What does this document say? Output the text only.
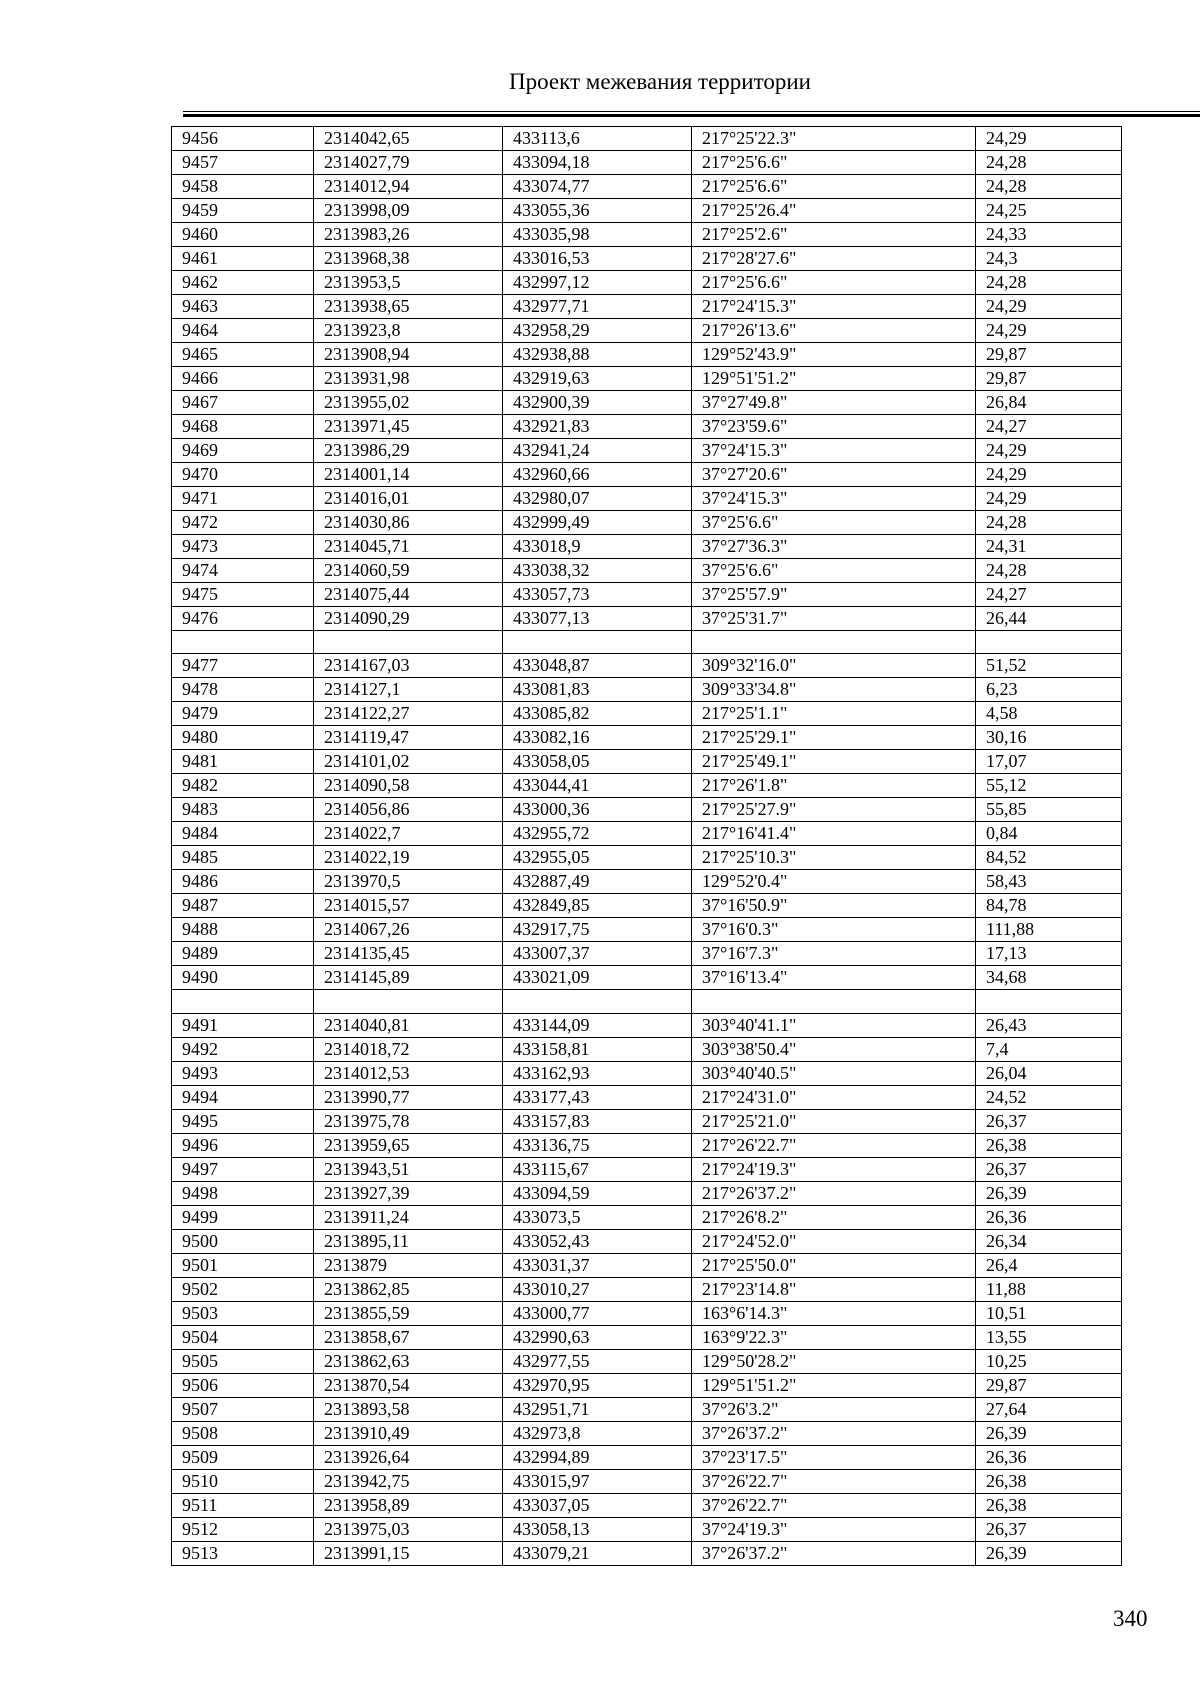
Проект межевания территории
9456	2314042,65	433113,6	217°25'22.3"	24,29
9457	2314027,79	433094,18	217°25'6.6"	24,28
9458	2314012,94	433074,77	217°25'6.6"	24,28
9459	2313998,09	433055,36	217°25'26.4"	24,25
9460	2313983,26	433035,98	217°25'2.6"	24,33
9461	2313968,38	433016,53	217°28'27.6"	24,3
9462	2313953,5	432997,12	217°25'6.6"	24,28
9463	2313938,65	432977,71	217°24'15.3"	24,29
9464	2313923,8	432958,29	217°26'13.6"	24,29
9465	2313908,94	432938,88	129°52'43.9"	29,87
9466	2313931,98	432919,63	129°51'51.2"	29,87
9467	2313955,02	432900,39	37°27'49.8"	26,84
9468	2313971,45	432921,83	37°23'59.6"	24,27
9469	2313986,29	432941,24	37°24'15.3"	24,29
9470	2314001,14	432960,66	37°27'20.6"	24,29
9471	2314016,01	432980,07	37°24'15.3"	24,29
9472	2314030,86	432999,49	37°25'6.6"	24,28
9473	2314045,71	433018,9	37°27'36.3"	24,31
9474	2314060,59	433038,32	37°25'6.6"	24,28
9475	2314075,44	433057,73	37°25'57.9"	24,27
9476	2314090,29	433077,13	37°25'31.7"	26,44

9477	2314167,03	433048,87	309°32'16.0"	51,52
9478	2314127,1	433081,83	309°33'34.8"	6,23
9479	2314122,27	433085,82	217°25'1.1"	4,58
9480	2314119,47	433082,16	217°25'29.1"	30,16
9481	2314101,02	433058,05	217°25'49.1"	17,07
9482	2314090,58	433044,41	217°26'1.8"	55,12
9483	2314056,86	433000,36	217°25'27.9"	55,85
9484	2314022,7	432955,72	217°16'41.4"	0,84
9485	2314022,19	432955,05	217°25'10.3"	84,52
9486	2313970,5	432887,49	129°52'0.4"	58,43
9487	2314015,57	432849,85	37°16'50.9"	84,78
9488	2314067,26	432917,75	37°16'0.3"	111,88
9489	2314135,45	433007,37	37°16'7.3"	17,13
9490	2314145,89	433021,09	37°16'13.4"	34,68

9491	2314040,81	433144,09	303°40'41.1"	26,43
9492	2314018,72	433158,81	303°38'50.4"	7,4
9493	2314012,53	433162,93	303°40'40.5"	26,04
9494	2313990,77	433177,43	217°24'31.0"	24,52
9495	2313975,78	433157,83	217°25'21.0"	26,37
9496	2313959,65	433136,75	217°26'22.7"	26,38
9497	2313943,51	433115,67	217°24'19.3"	26,37
9498	2313927,39	433094,59	217°26'37.2"	26,39
9499	2313911,24	433073,5	217°26'8.2"	26,36
9500	2313895,11	433052,43	217°24'52.0"	26,34
9501	2313879	433031,37	217°25'50.0"	26,4
9502	2313862,85	433010,27	217°23'14.8"	11,88
9503	2313855,59	433000,77	163°6'14.3"	10,51
9504	2313858,67	432990,63	163°9'22.3"	13,55
9505	2313862,63	432977,55	129°50'28.2"	10,25
9506	2313870,54	432970,95	129°51'51.2"	29,87
9507	2313893,58	432951,71	37°26'3.2"	27,64
9508	2313910,49	432973,8	37°26'37.2"	26,39
9509	2313926,64	432994,89	37°23'17.5"	26,36
9510	2313942,75	433015,97	37°26'22.7"	26,38
9511	2313958,89	433037,05	37°26'22.7"	26,38
9512	2313975,03	433058,13	37°24'19.3"	26,37
9513	2313991,15	433079,21	37°26'37.2"	26,39
340
